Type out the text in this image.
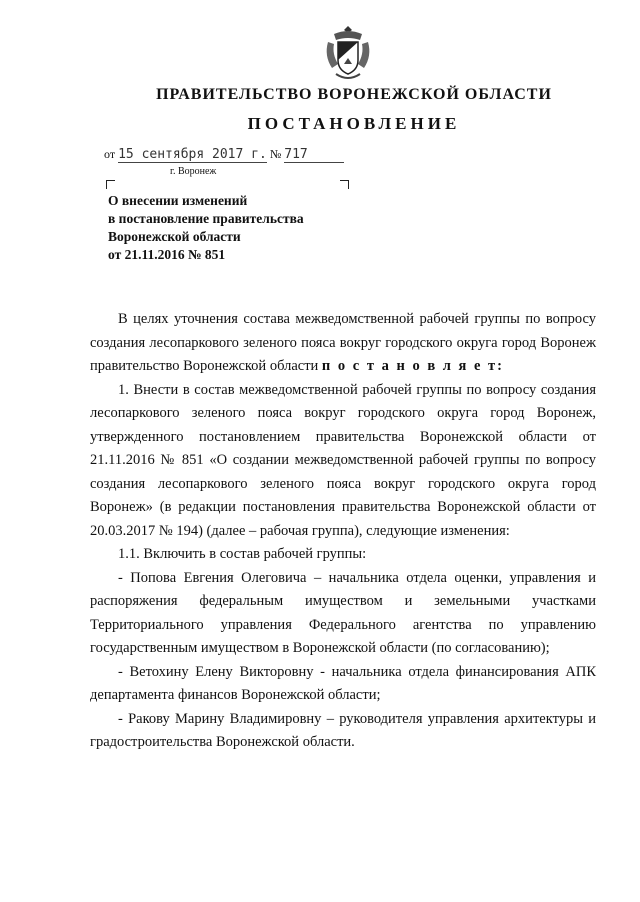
ПРАВИТЕЛЬСТВО ВОРОНЕЖСКОЙ ОБЛАСТИ
ПОСТАНОВЛЕНИЕ
от 15 сентября 2017 г. № 717
г. Воронеж
О внесении изменений
в постановление правительства
Воронежской области
от 21.11.2016 № 851

В целях уточнения состава межведомственной рабочей группы по вопросу создания лесопаркового зеленого пояса вокруг городского округа город Воронеж правительство Воронежской области п о с т а н о в л я е т:

1. Внести в состав межведомственной рабочей группы по вопросу создания лесопаркового зеленого пояса вокруг городского округа город Воронеж, утвержденного постановлением правительства Воронежской области от 21.11.2016 № 851 «О создании межведомственной рабочей группы по вопросу создания лесопаркового зеленого пояса вокруг городского округа город Воронеж» (в редакции постановления правительства Воронежской области от 20.03.2017 № 194) (далее – рабочая группа), следующие изменения:

1.1. Включить в состав рабочей группы:

- Попова Евгения Олеговича – начальника отдела оценки, управления и распоряжения федеральным имуществом и земельными участками Территориального управления Федерального агентства по управлению государственным имуществом в Воронежской области (по согласованию);

- Ветохину Елену Викторовну - начальника отдела финансирования АПК департамента финансов Воронежской области;

- Ракову Марину Владимировну – руководителя управления архитектуры и градостроительства Воронежской области.
